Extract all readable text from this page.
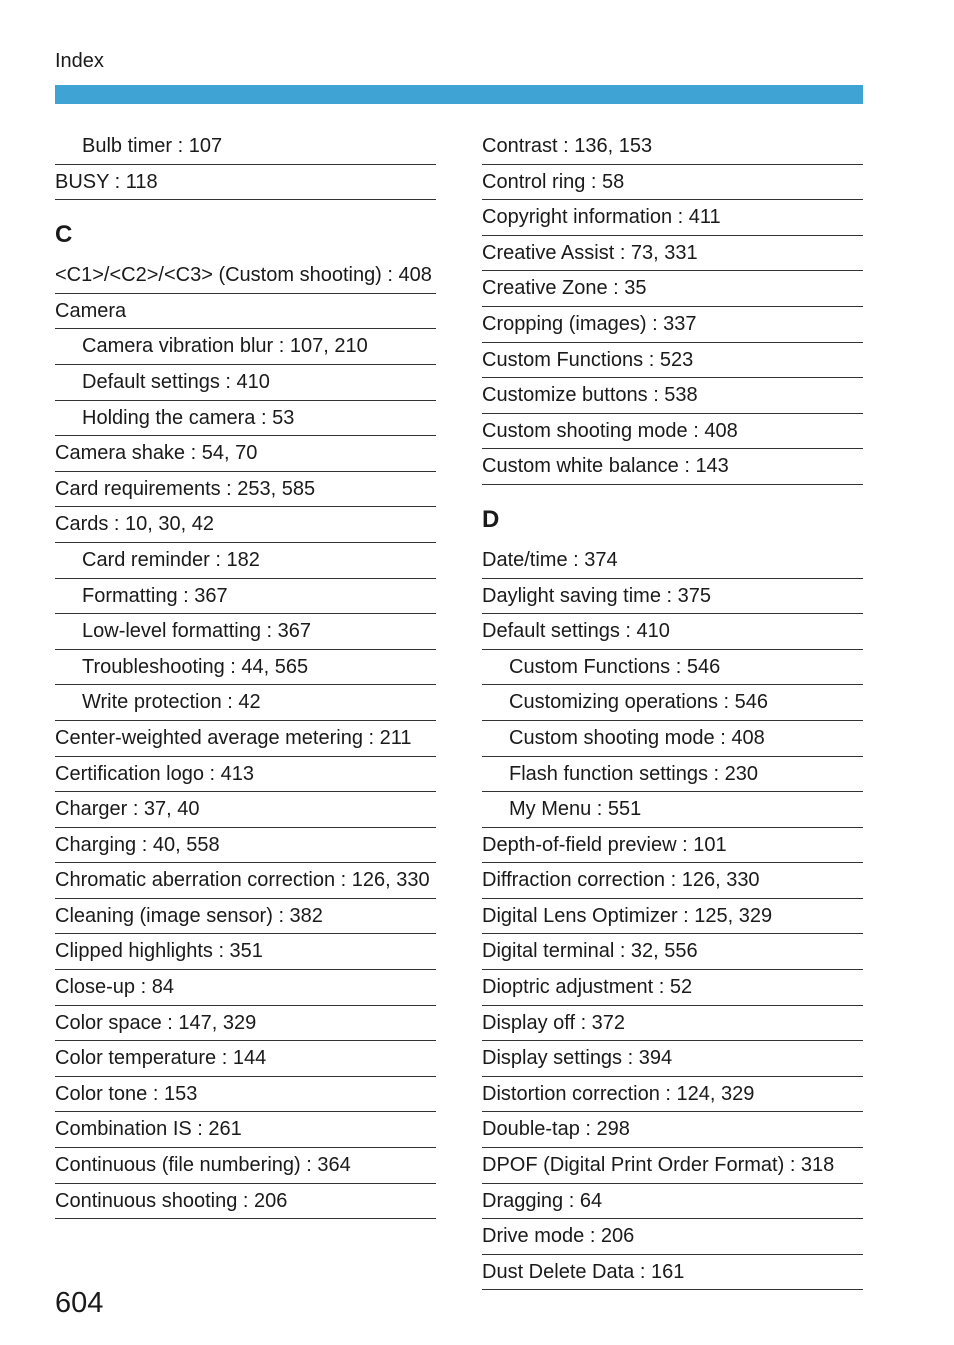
Index
Bulb timer : 107
BUSY : 118
C
<C1>/<C2>/<C3> (Custom shooting) : 408
Camera
Camera vibration blur : 107, 210
Default settings : 410
Holding the camera : 53
Camera shake : 54, 70
Card requirements : 253, 585
Cards : 10, 30, 42
Card reminder : 182
Formatting : 367
Low-level formatting : 367
Troubleshooting : 44, 565
Write protection : 42
Center-weighted average metering : 211
Certification logo : 413
Charger : 37, 40
Charging : 40, 558
Chromatic aberration correction : 126, 330
Cleaning (image sensor) : 382
Clipped highlights : 351
Close-up : 84
Color space : 147, 329
Color temperature : 144
Color tone : 153
Combination IS : 261
Continuous (file numbering) : 364
Continuous shooting : 206
Contrast : 136, 153
Control ring : 58
Copyright information : 411
Creative Assist : 73, 331
Creative Zone : 35
Cropping (images) : 337
Custom Functions : 523
Customize buttons : 538
Custom shooting mode : 408
Custom white balance : 143
D
Date/time : 374
Daylight saving time : 375
Default settings : 410
Custom Functions : 546
Customizing operations : 546
Custom shooting mode : 408
Flash function settings : 230
My Menu : 551
Depth-of-field preview : 101
Diffraction correction : 126, 330
Digital Lens Optimizer : 125, 329
Digital terminal : 32, 556
Dioptric adjustment : 52
Display off : 372
Display settings : 394
Distortion correction : 124, 329
Double-tap : 298
DPOF (Digital Print Order Format) : 318
Dragging : 64
Drive mode : 206
Dust Delete Data : 161
604
